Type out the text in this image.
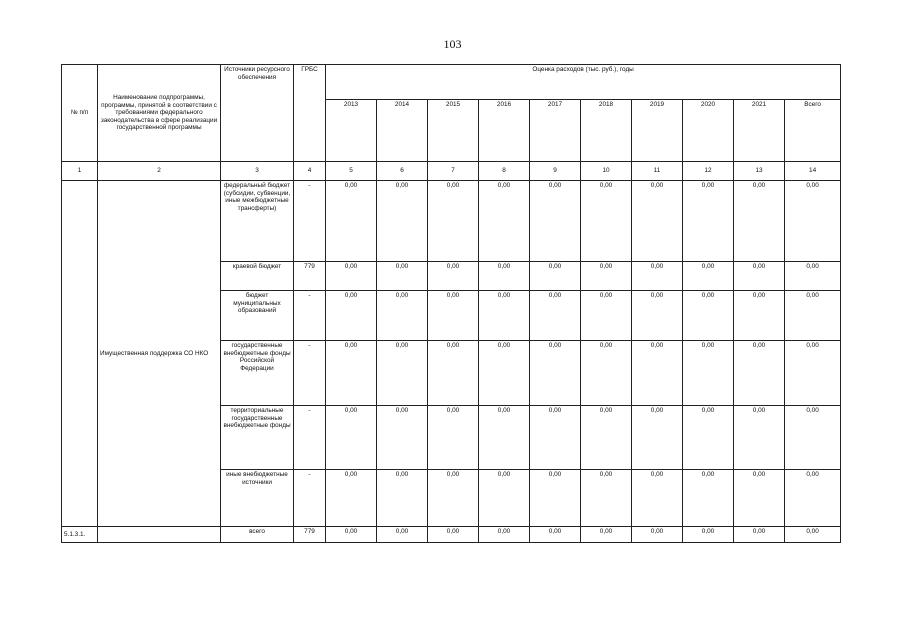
103
№ п/п	Наименование подпрограммы, программы, принятой в соответствии с требованиями федерального законодательства в сфере реализации государственной программы	Источники ресурсного обеспечения	ГРБС	Оценка расходов (тыс. руб.), годы									
				2013	2014	2015	2016	2017	2018	2019	2020	2021	Всего
1	2	3	4	5	6	7	8	9	10	11	12	13	14
	Имущественная поддержка СО НКО	федеральный бюджет (субсидии, субвенции, иные межбюджетные трансферты)	-	0,00	0,00	0,00	0,00	0,00	0,00	0,00	0,00	0,00	0,00
		краевой бюджет	779	0,00	0,00	0,00	0,00	0,00	0,00	0,00	0,00	0,00	0,00
		бюджет муниципальных образований	-	0,00	0,00	0,00	0,00	0,00	0,00	0,00	0,00	0,00	0,00
		государственные внебюджетные фонды Российской Федерации	-	0,00	0,00	0,00	0,00	0,00	0,00	0,00	0,00	0,00	0,00
		территориальные государственные внебюджетные фонды	-	0,00	0,00	0,00	0,00	0,00	0,00	0,00	0,00	0,00	0,00
		иные внебюджетные источники	-	0,00	0,00	0,00	0,00	0,00	0,00	0,00	0,00	0,00	0,00
5.1.3.1.		всего	779	0,00	0,00	0,00	0,00	0,00	0,00	0,00	0,00	0,00	0,00
